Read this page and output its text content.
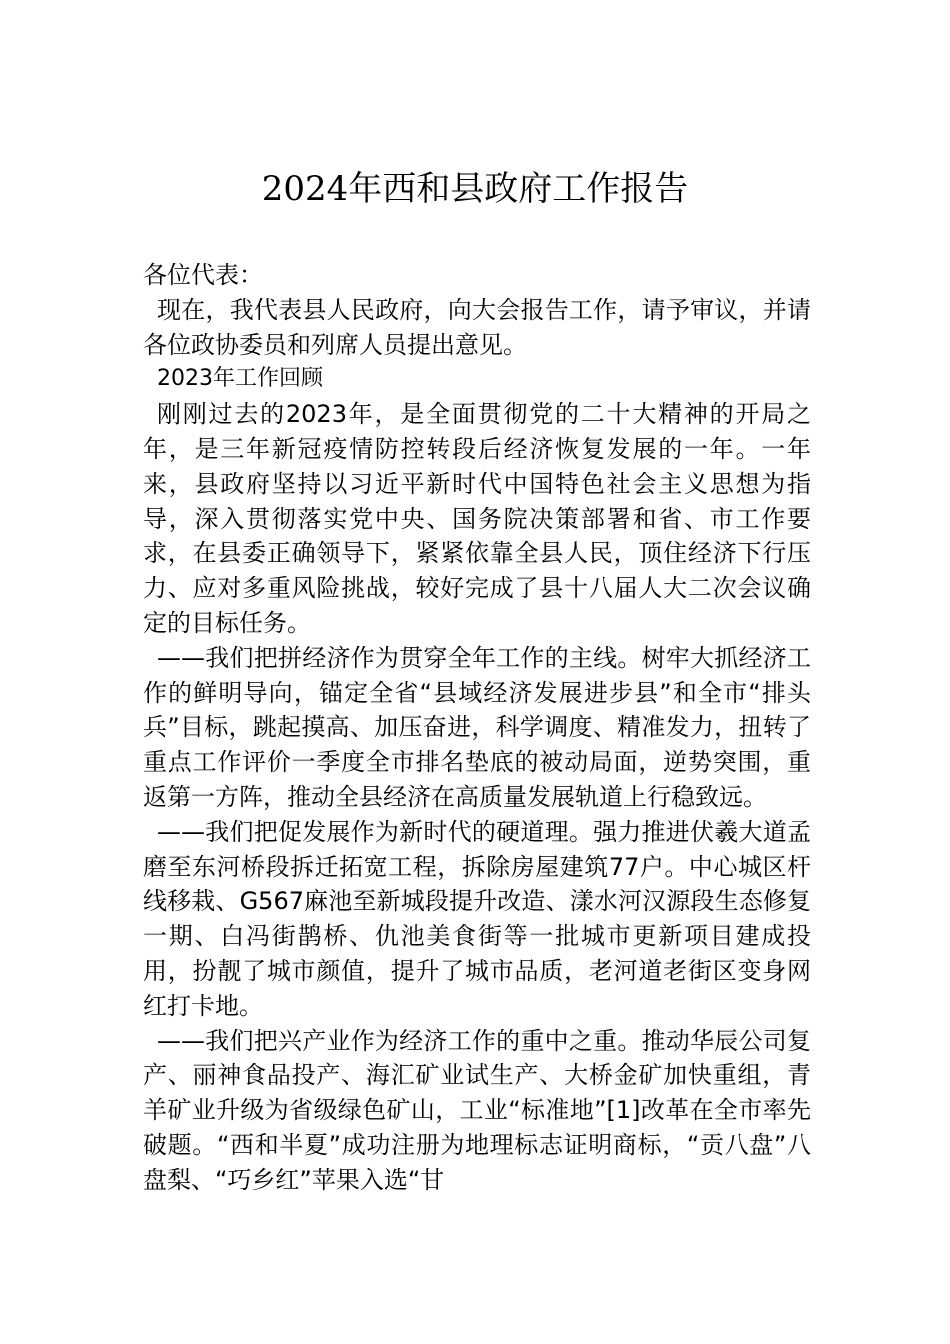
2024年西和县政府工作报告

各位代表：

现在，我代表县人民政府，向大会报告工作，请予审议，并请各位政协委员和列席人员提出意见。

2023年工作回顾

刚刚过去的2023年，是全面贯彻党的二十大精神的开局之年，是三年新冠疫情防控转段后经济恢复发展的一年。一年来，县政府坚持以习近平新时代中国特色社会主义思想为指导，深入贯彻落实党中央、国务院决策部署和省、市工作要求，在县委正确领导下，紧紧依靠全县人民，顶住经济下行压力、应对多重风险挑战，较好完成了县十八届人大二次会议确定的目标任务。

——我们把拼经济作为贯穿全年工作的主线。树牢大抓经济工作的鲜明导向，锚定全省“县域经济发展进步县”和全市“排头兵”目标，跳起摸高、加压奋进，科学调度、精准发力，扭转了重点工作评价一季度全市排名垫底的被动局面，逆势突围，重返第一方阵，推动全县经济在高质量发展轨道上行稳致远。

——我们把促发展作为新时代的硬道理。强力推进伏羲大道孟磨至东河桥段拆迁拓宽工程，拆除房屋建筑77户。中心城区杆线移栽、G567麻池至新城段提升改造、漾水河汉源段生态修复一期、白冯街鹊桥、仇池美食街等一批城市更新项目建成投用，扮靓了城市颜值，提升了城市品质，老河道老街区变身网红打卡地。

——我们把兴产业作为经济工作的重中之重。推动华辰公司复产、丽神食品投产、海汇矿业试生产、大桥金矿加快重组，青羊矿业升级为省级绿色矿山，工业“标准地”[1]改革在全市率先破题。“西和半夏”成功注册为地理标志证明商标，“贡八盘”八盘梨、“巧乡红”苹果入选“甘
